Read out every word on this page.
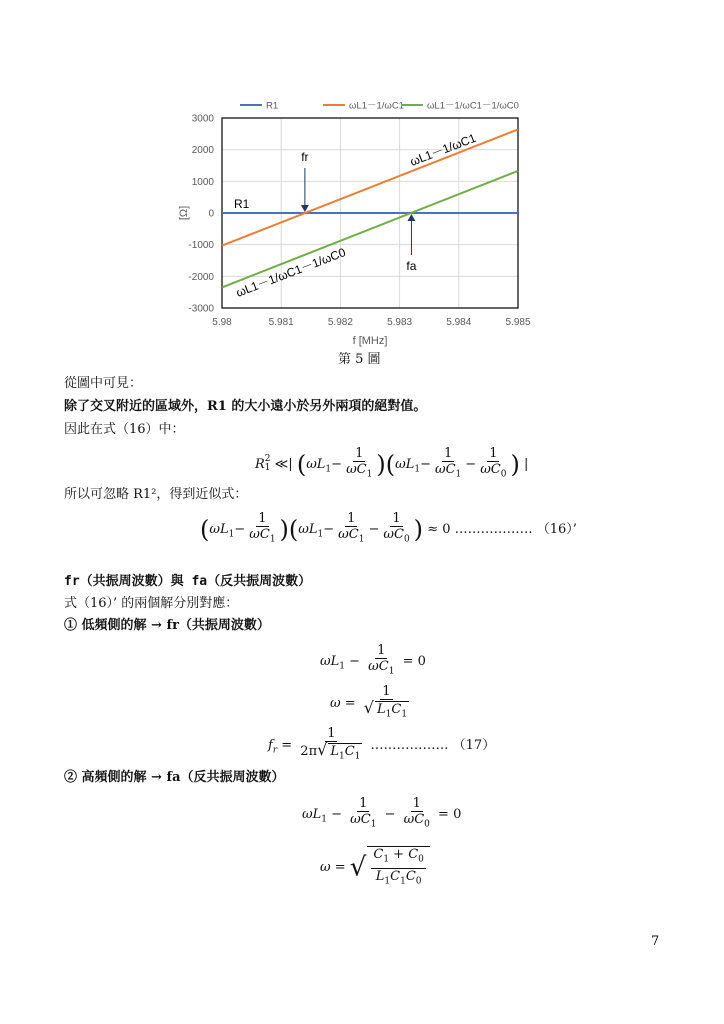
5.98	5.981	5.982	5.983	5.984	5.985
3000
2000
1000
0
-1000
-2000
-3000
f [MHz]
[Ω]
R1	ωL1－1/ωC1 ωL1－1/ωC1－1/ωC0
fr
fa
R1
ωL1－1/ωC1
ωL1－1/ωC1－1/ωC0
第 5 圖
從圖中可見：
除了交叉附近的區域外，R1 的大小遠小於另外兩項的絕對值。
因此在式（16）中：
R 2
1 ≪| $(\omega L_1- \frac{1}{\omega C_1} )(\omega L_1- \frac{1}{\omega C_1} - \frac{1}{\omega C_0}$ ) |
所以可忽略 R1²，得到近似式：
$(\omega L_1- \frac{1}{\omega C_1} )(\omega L_1- \frac{1}{\omega C_1} - \frac{1}{\omega C_0}$ ) ≈ 0 ……………… （16）’
fr（共振周波數）與 fa（反共振周波數）
式（16）’ 的兩個解分別對應：
① 低頻側的解 → fr（共振周波數）
$\omega L_1 - \frac{1}{\omega C_1} = 0$
$\omega = \frac{1}{√ L_1C_1}$
$f_r = \frac{1}{2\pi√ L_1C_1}$ ……………… （17）
② 高頻側的解 → fa（反共振周波數）
$\omega L_1 - \frac{1}{\omega C_1} - \frac{1}{\omega C_0} = 0$
ω = √ $\frac{C_1 + C_0}{L_1C_1C_0}$
7
